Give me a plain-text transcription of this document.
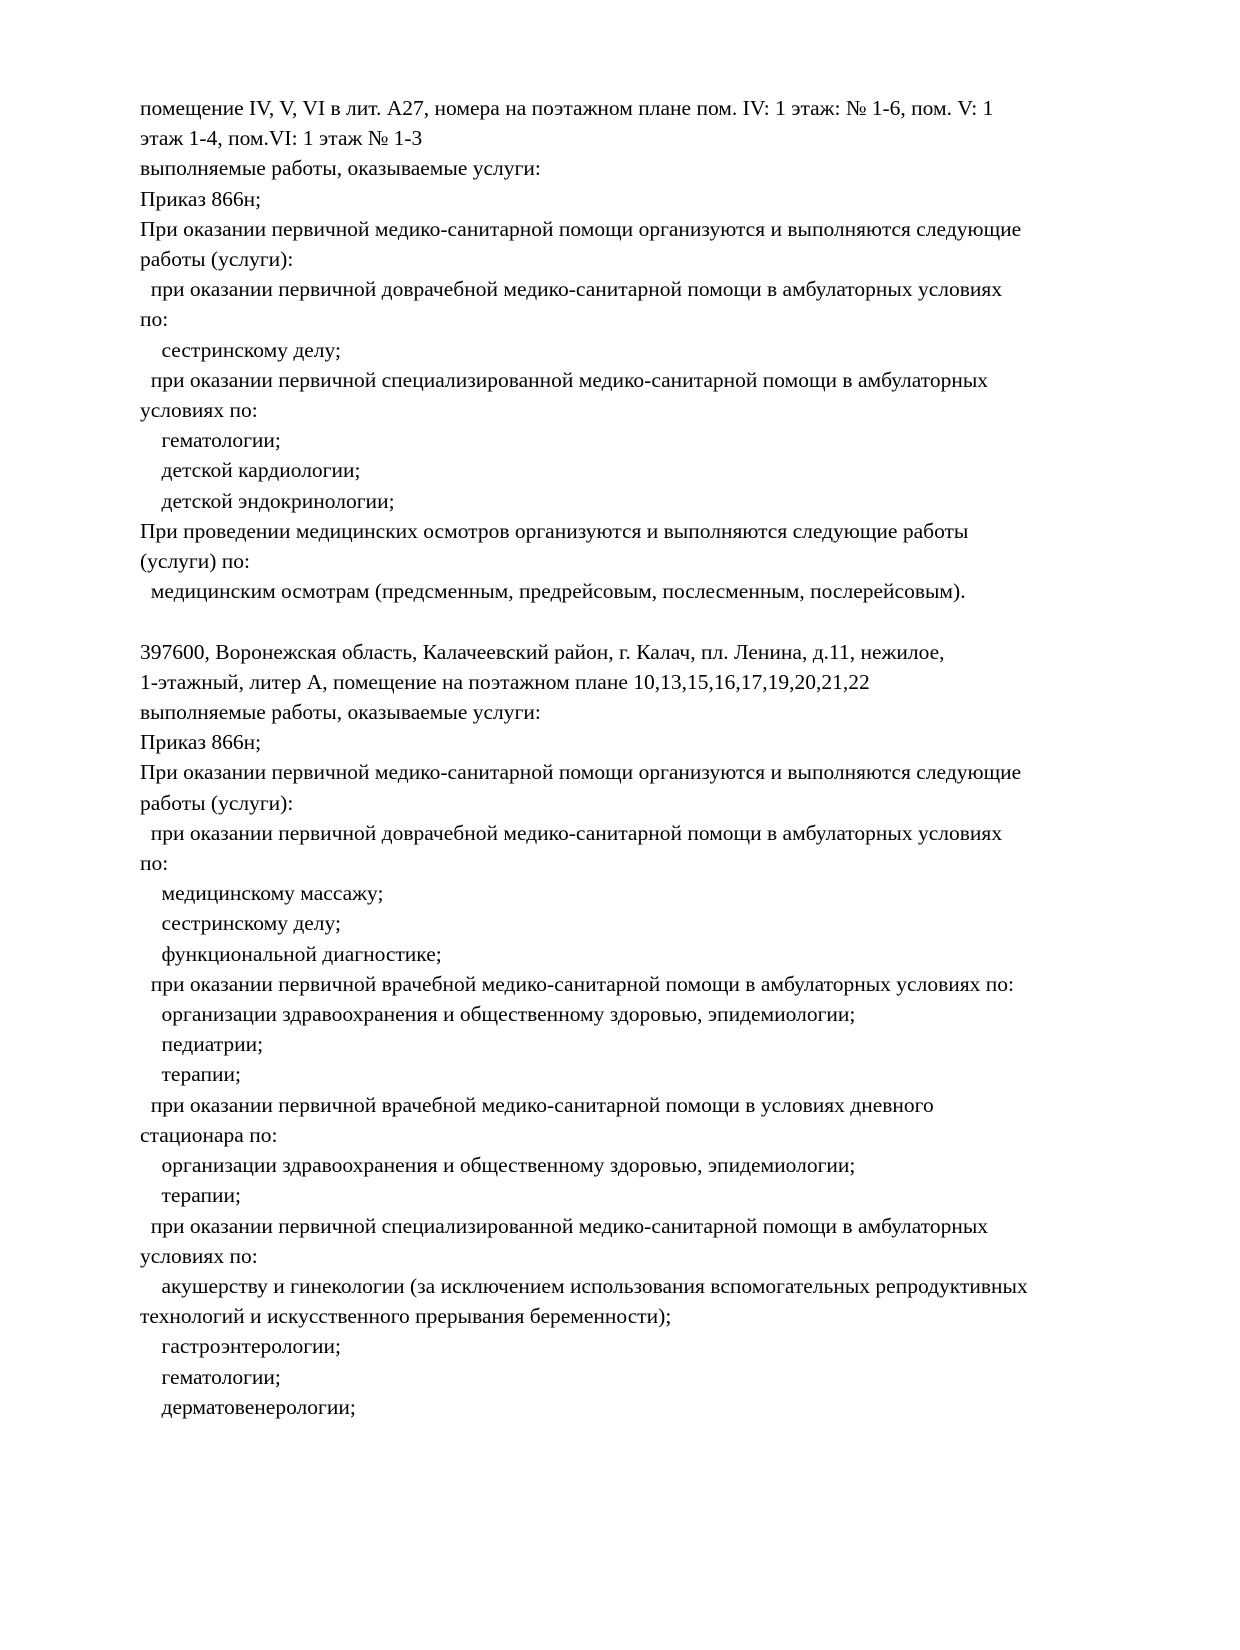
помещение IV, V, VI в лит. А27, номера на поэтажном плане пом. IV: 1 этаж: № 1-6, пом. V: 1
этаж 1-4, пом.VI: 1 этаж № 1-3
выполняемые работы, оказываемые услуги:
Приказ 866н;
При оказании первичной медико-санитарной помощи организуются и выполняются следующие
работы (услуги):
при оказании первичной доврачебной медико-санитарной помощи в амбулаторных условиях
по:
сестринскому делу;
при оказании первичной специализированной медико-санитарной помощи в амбулаторных
условиях по:
гематологии;
детской кардиологии;
детской эндокринологии;
При проведении медицинских осмотров организуются и выполняются следующие работы
(услуги) по:
медицинским осмотрам (предсменным, предрейсовым, послесменным, послерейсовым).
397600, Воронежская область, Калачеевский район, г. Калач, пл. Ленина, д.11, нежилое,
1-этажный, литер А, помещение на поэтажном плане 10,13,15,16,17,19,20,21,22
выполняемые работы, оказываемые услуги:
Приказ 866н;
При оказании первичной медико-санитарной помощи организуются и выполняются следующие
работы (услуги):
при оказании первичной доврачебной медико-санитарной помощи в амбулаторных условиях
по:
медицинскому массажу;
сестринскому делу;
функциональной диагностике;
при оказании первичной врачебной медико-санитарной помощи в амбулаторных условиях по:
организации здравоохранения и общественному здоровью, эпидемиологии;
педиатрии;
терапии;
при оказании первичной врачебной медико-санитарной помощи в условиях дневного
стационара по:
организации здравоохранения и общественному здоровью, эпидемиологии;
терапии;
при оказании первичной специализированной медико-санитарной помощи в амбулаторных
условиях по:
акушерству и гинекологии (за исключением использования вспомогательных репродуктивных
технологий и искусственного прерывания беременности);
гастроэнтерологии;
гематологии;
дерматовенерологии;
